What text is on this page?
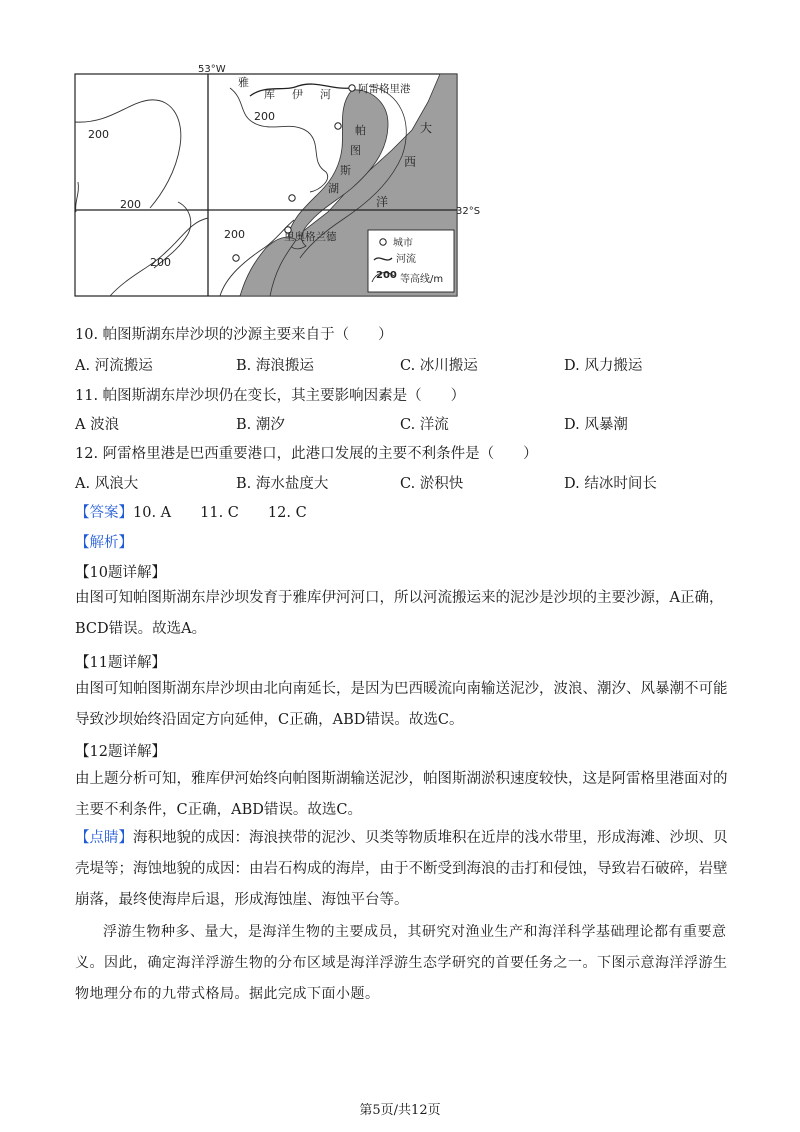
53°W
32°S
200
200
200
200
200
雅
库 伊 河
帕
图
斯
湖
大
西
洋
阿雷格里港
里奥格兰德
城市
河流
200 等高线/m
10. 帕图斯湖东岸沙坝的沙源主要来自于（　　）
A. 河流搬运	B. 海浪搬运	C. 冰川搬运	D. 风力搬运
11. 帕图斯湖东岸沙坝仍在变长，其主要影响因素是（　　）
A 波浪	B. 潮汐	C. 洋流	D. 风暴潮
12. 阿雷格里港是巴西重要港口，此港口发展的主要不利条件是（　　）
A. 风浪大	B. 海水盐度大	C. 淤积快	D. 结冰时间长
【答案】10. A　　11. C　　12. C
【解析】
【10题详解】
由图可知帕图斯湖东岸沙坝发育于雅库伊河河口，所以河流搬运来的泥沙是沙坝的主要沙源，A正确，BCD错误。故选A。
【11题详解】
由图可知帕图斯湖东岸沙坝由北向南延长，是因为巴西暖流向南输送泥沙，波浪、潮汐、风暴潮不可能导致沙坝始终沿固定方向延伸，C正确，ABD错误。故选C。
【12题详解】
由上题分析可知，雅库伊河始终向帕图斯湖输送泥沙，帕图斯湖淤积速度较快，这是阿雷格里港面对的主要不利条件，C正确，ABD错误。故选C。
【点睛】海积地貌的成因：海浪挟带的泥沙、贝类等物质堆积在近岸的浅水带里，形成海滩、沙坝、贝壳堤等；海蚀地貌的成因：由岩石构成的海岸，由于不断受到海浪的击打和侵蚀，导致岩石破碎，岩壁崩落，最终使海岸后退，形成海蚀崖、海蚀平台等。
浮游生物种多、量大，是海洋生物的主要成员，其研究对渔业生产和海洋科学基础理论都有重要意义。因此，确定海洋浮游生物的分布区域是海洋浮游生态学研究的首要任务之一。下图示意海洋浮游生物地理分布的九带式格局。据此完成下面小题。
第5页/共12页
